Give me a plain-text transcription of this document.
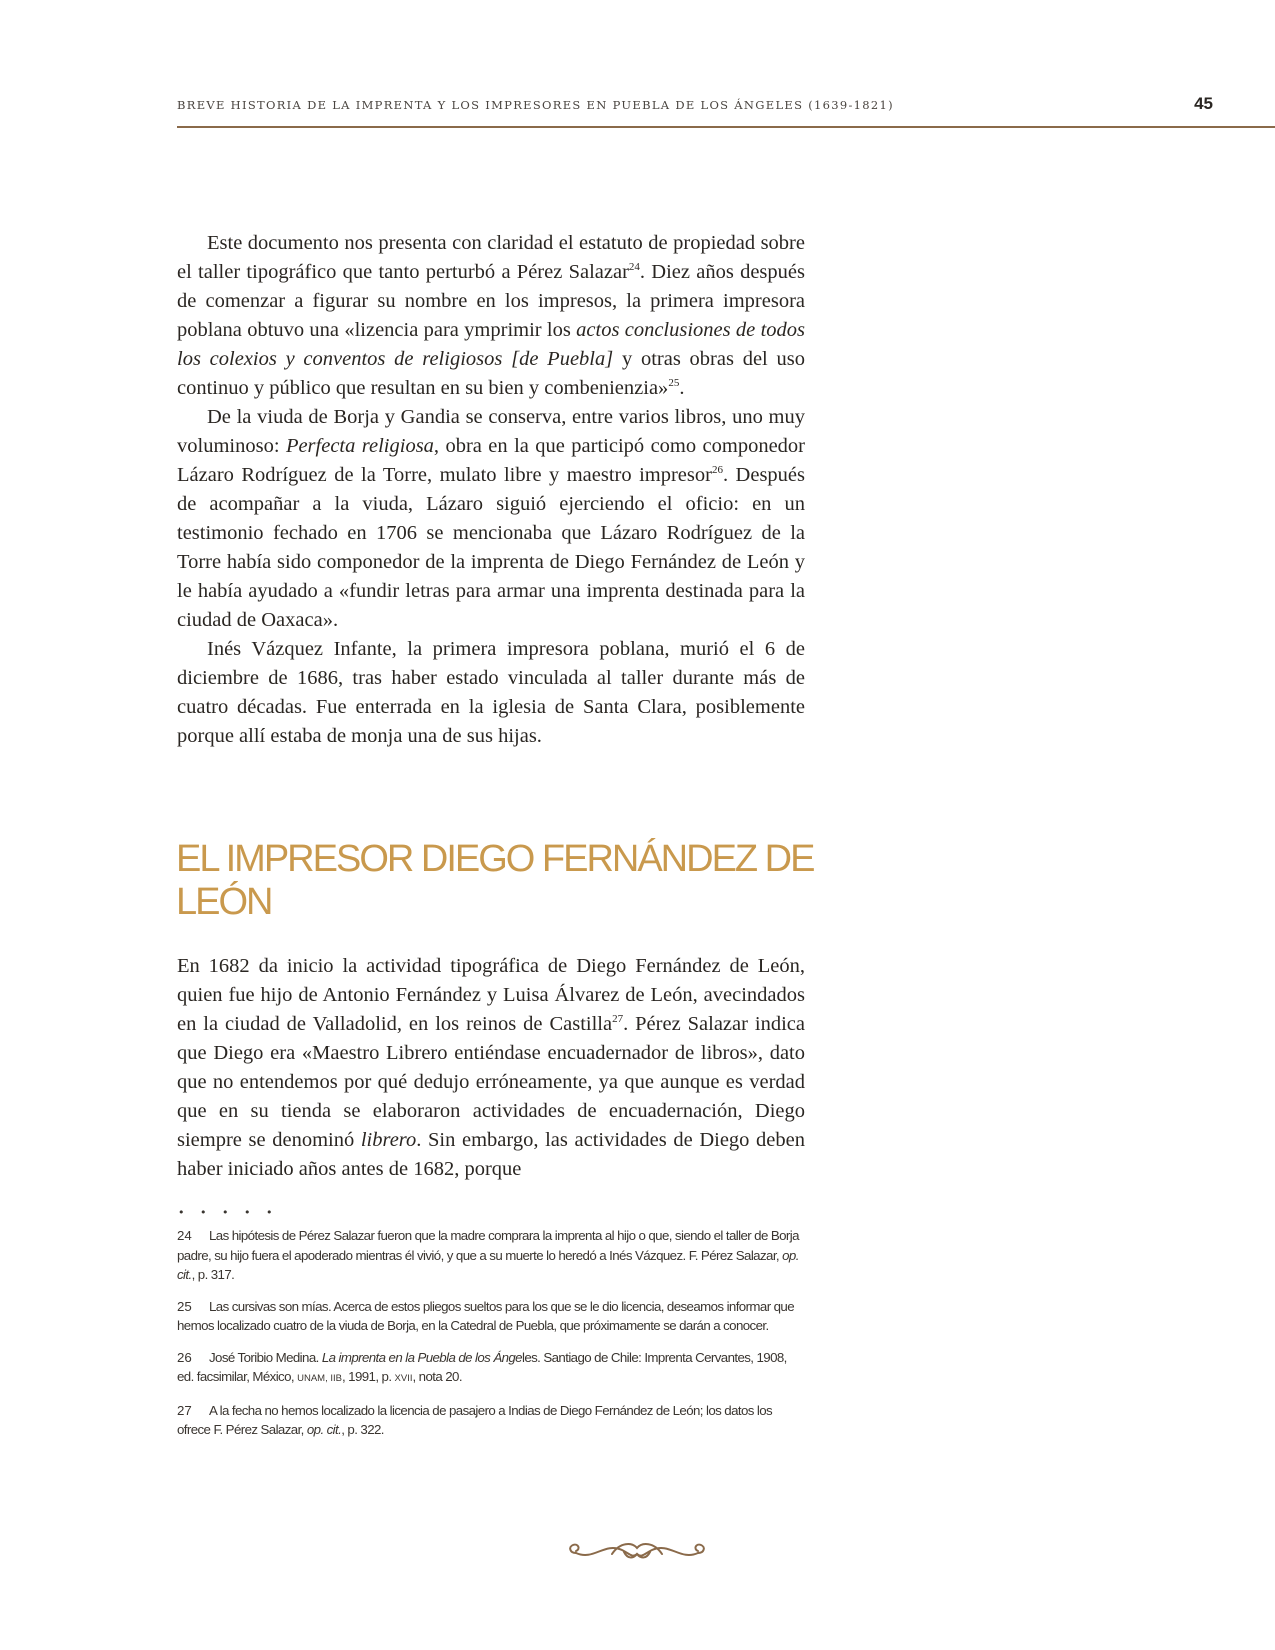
BREVE HISTORIA DE LA IMPRENTA Y LOS IMPRESORES EN PUEBLA DE LOS ÁNGELES (1639-1821)	45

Este documento nos presenta con claridad el estatuto de propiedad sobre el taller tipográfico que tanto perturbó a Pérez Salazar$^{24}$. Diez años después de comenzar a figurar su nombre en los impresos, la primera impresora poblana obtuvo una «lizencia para ymprimir los actos conclusiones de todos los colexios y conventos de religiosos [de Puebla] y otras obras del uso continuo y público que resultan en su bien y combenienzia»$^{25}$.

De la viuda de Borja y Gandia se conserva, entre varios libros, uno muy voluminoso: Perfecta religiosa, obra en la que participó como componedor Lázaro Rodríguez de la Torre, mulato libre y maestro impresor$^{26}$. Después de acompañar a la viuda, Lázaro siguió ejerciendo el oficio: en un testimonio fechado en 1706 se mencionaba que Lázaro Rodríguez de la Torre había sido componedor de la imprenta de Diego Fernández de León y le había ayudado a «fundir letras para armar una imprenta destinada para la ciudad de Oaxaca».

Inés Vázquez Infante, la primera impresora poblana, murió el 6 de diciembre de 1686, tras haber estado vinculada al taller durante más de cuatro décadas. Fue enterrada en la iglesia de Santa Clara, posiblemente porque allí estaba de monja una de sus hijas.

EL IMPRESOR DIEGO FERNÁNDEZ DE LEÓN

En 1682 da inicio la actividad tipográfica de Diego Fernández de León, quien fue hijo de Antonio Fernández y Luisa Álvarez de León, avecindados en la ciudad de Valladolid, en los reinos de Castilla$^{27}$. Pérez Salazar indica que Diego era «Maestro Librero entiéndase encuadernador de libros», dato que no entendemos por qué dedujo erróneamente, ya que aunque es verdad que en su tienda se elaboraron actividades de encuadernación, Diego siempre se denominó librero. Sin embargo, las actividades de Diego deben haber iniciado años antes de 1682, porque

• • • • •

24 Las hipótesis de Pérez Salazar fueron que la madre comprara la imprenta al hijo o que, siendo el taller de Borja padre, su hijo fuera el apoderado mientras él vivió, y que a su muerte lo heredó a Inés Vázquez. F. Pérez Salazar, op. cit., p. 317.

25 Las cursivas son mías. Acerca de estos pliegos sueltos para los que se le dio licencia, deseamos informar que hemos localizado cuatro de la viuda de Borja, en la Catedral de Puebla, que próximamente se darán a conocer.

26 José Toribio Medina. La imprenta en la Puebla de los Ángeles. Santiago de Chile: Imprenta Cervantes, 1908, ed. facsimilar, México, UNAM, IIB, 1991, p. XVII, nota 20.

27 A la fecha no hemos localizado la licencia de pasajero a Indias de Diego Fernández de León; los datos los ofrece F. Pérez Salazar, op. cit., p. 322.
